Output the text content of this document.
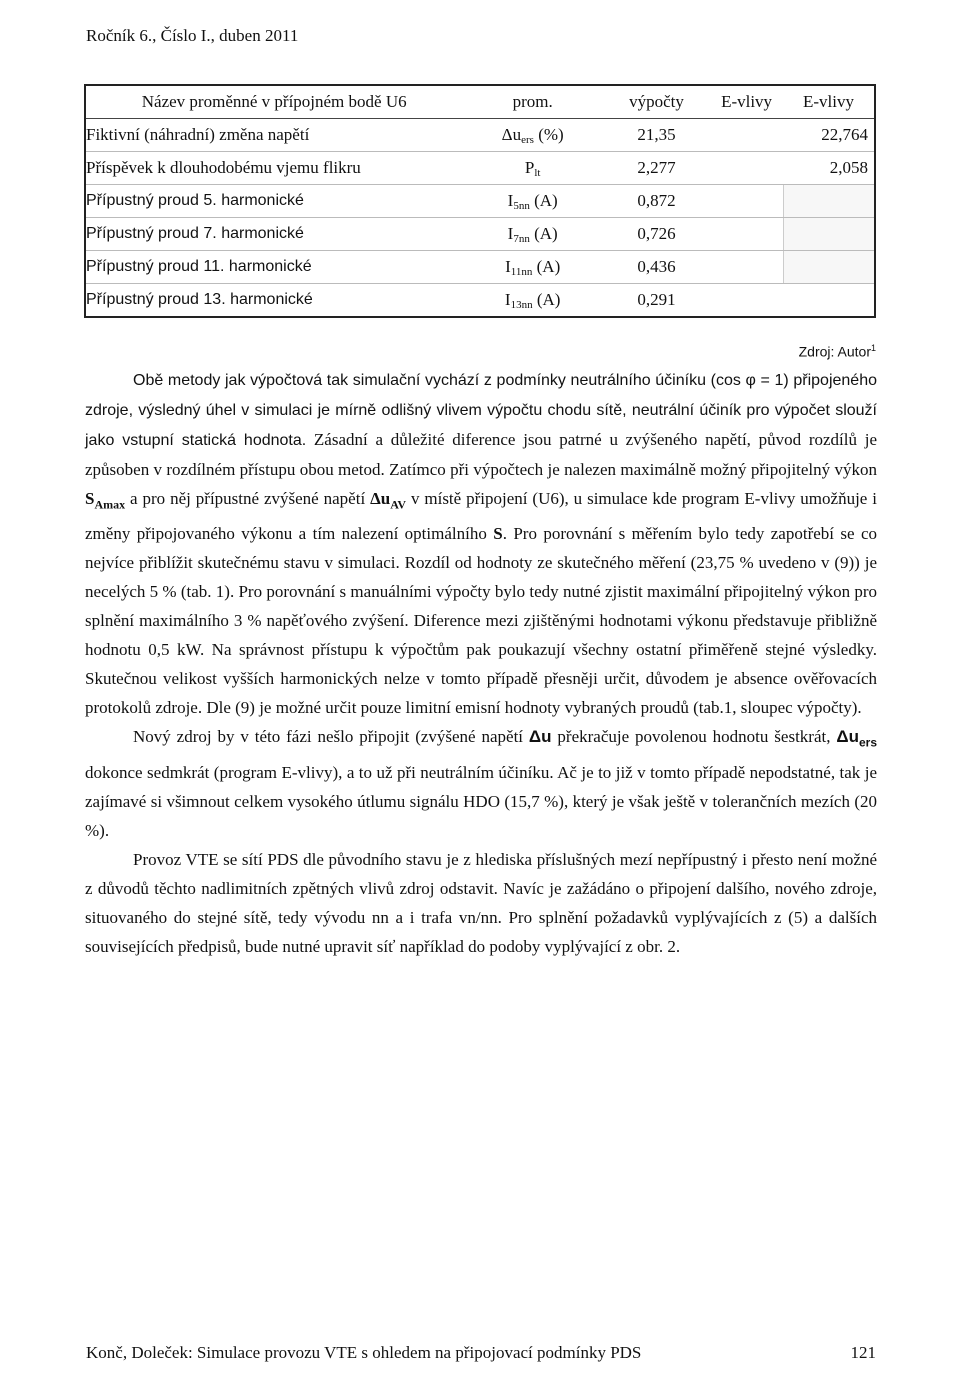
Ročník 6., Číslo I., duben 2011
Název proměnné v přípojném bodě U6	prom.	výpočty	E-vlivy	E-vlivy
Fiktivní (náhradní) změna napětí	$\Delta u_{ers}$ (%)	21,35		22,764
Příspěvek k dlouhodobému vjemu flikru	$P_{lt}$	2,277		2,058
Přípustný proud 5. harmonické	$I_{5nn}$ (A)	0,872		
Přípustný proud 7. harmonické	$I_{7nn}$ (A)	0,726		
Přípustný proud 11. harmonické	$I_{11nn}$ (A)	0,436		
Přípustný proud 13. harmonické	$I_{13nn}$ (A)	0,291		
Zdroj: Autor$^1$

Obě metody jak výpočtová tak simulační vychází z podmínky neutrálního účiníku (cos φ = 1) připojeného zdroje, výsledný úhel v simulaci je mírně odlišný vlivem výpočtu chodu sítě, neutrální účiník pro výpočet slouží jako vstupní statická hodnota. Zásadní a důležité diference jsou patrné u zvýšeného napětí, původ rozdílů je způsoben v rozdílném přístupu obou metod. Zatímco při výpočtech je nalezen maximálně možný připojitelný výkon $S_{Amax}$ a pro něj přípustné zvýšené napětí $\Delta u_{AV}$ v místě připojení (U6), u simulace kde program E-vlivy umožňuje i změny připojovaného výkonu a tím nalezení optimálního S. Pro porovnání s měřením bylo tedy zapotřebí se co nejvíce přiblížit skutečnému stavu v simulaci. Rozdíl od hodnoty ze skutečného měření (23,75 % uvedeno v (9)) je necelých 5 % (tab. 1). Pro porovnání s manuálními výpočty bylo tedy nutné zjistit maximální připojitelný výkon pro splnění maximálního 3 % napěťového zvýšení. Diference mezi zjištěnými hodnotami výkonu představuje přibližně hodnotu 0,5 kW. Na správnost přístupu k výpočtům pak poukazují všechny ostatní přiměřeně stejné výsledky. Skutečnou velikost vyšších harmonických nelze v tomto případě přesněji určit, důvodem je absence ověřovacích protokolů zdroje. Dle (9) je možné určit pouze limitní emisní hodnoty vybraných proudů (tab.1, sloupec výpočty).

Nový zdroj by v této fázi nešlo připojit (zvýšené napětí Δu překračuje povolenou hodnotu šestkrát, $\Delta u_{ers}$ dokonce sedmkrát (program E-vlivy), a to už při neutrálním účiníku. Ač je to již v tomto případě nepodstatné, tak je zajímavé si všimnout celkem vysokého útlumu signálu HDO (15,7 %), který je však ještě v tolerančních mezích (20 %).

Provoz VTE se sítí PDS dle původního stavu je z hlediska příslušných mezí nepřípustný i přesto není možné z důvodů těchto nadlimitních zpětných vlivů zdroj odstavit. Navíc je zažádáno o připojení dalšího, nového zdroje, situovaného do stejné sítě, tedy vývodu nn a i trafa vn/nn. Pro splnění požadavků vyplývajících z (5) a dalších souvisejících předpisů, bude nutné upravit síť například do podoby vyplývající z obr. 2.

Konč, Doleček: Simulace provozu VTE s ohledem na připojovací podmínky PDS	121
